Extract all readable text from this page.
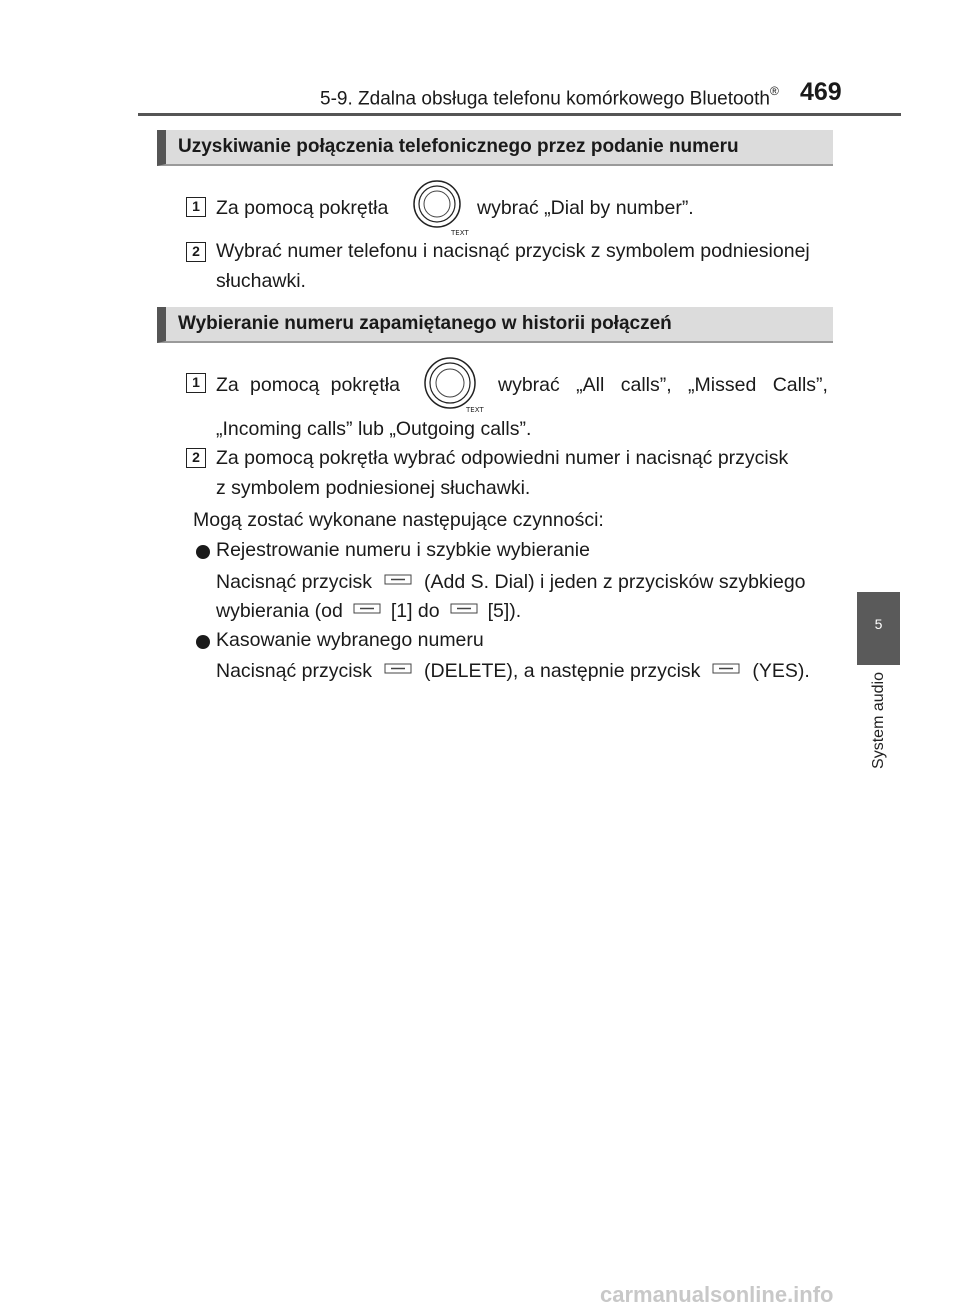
5-9. Zdalna obsługa telefonu komórkowego Bluetooth® 469
5
System audio
Uzyskiwanie połączenia telefonicznego przez podanie numeru
1 Za pomocą pokrętła
TEXT
wybrać „Dial by number”.
2 Wybrać numer telefonu i nacisnąć przycisk z symbolem podniesionej
słuchawki.
Wybieranie numeru zapamiętanego w historii połączeń
1 Za pomocą pokrętła
TEXT
wybrać „All calls”, „Missed Calls”,
„Incoming calls” lub „Outgoing calls”.
2 Za pomocą pokrętła wybrać odpowiedni numer i nacisnąć przycisk
z symbolem podniesionej słuchawki.
Mogą zostać wykonane następujące czynności:
Rejestrowanie numeru i szybkie wybieranie
Nacisnąć przycisk	(Add S. Dial) i jeden z przycisków szybkiego
wybierania (od [1] do [5]).
Kasowanie wybranego numeru
Nacisnąć przycisk	(DELETE), a następnie przycisk	(YES).
carmanualsonline.info
